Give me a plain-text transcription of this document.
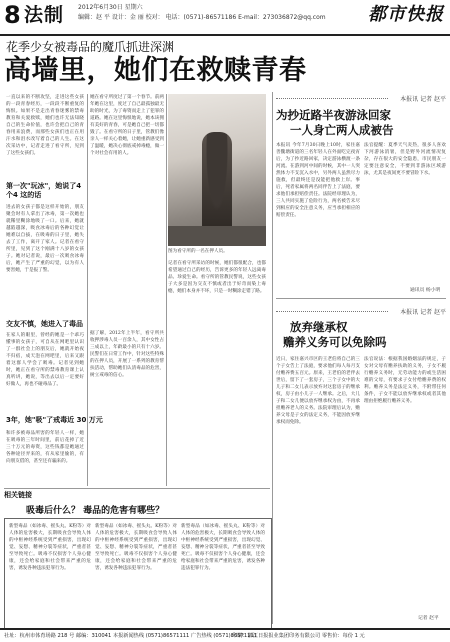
8 法制 2012年6月30日 星期六
编辑：赵 平 设计：金 丽 校对： 电话：(0571)-86571186 E-mail：273036872@qq.com 都市快报
花季少女被毒品的魔爪抓进深渊
高墙里，她们在救赎青春
一直以来的不断攻坚，走进这些女孩的一段青春经历，一段段不断重复的悔恨。如果不是走出青春迷雾的禁毒教育和关爱救赎，她们也许无法知晓自己的生命价值，也许会把自己的青春用来浪费，而那些女孩们也正在用汗水和泪水改写着自己的人生。在这次采访中，记者走进了看守所，见到了这些女孩们。
第一次"玩冰"，她说了4个4 这的话
进去的女孩子都是这样开始的，朋友聚会时有人拿出了冰毒，第一次她也就稀里糊涂地吸了一口。后来，她就越陷越深，吸食冰毒后的各种幻觉让她难以自拔，在吸毒的日子里，她失去了工作，离开了家人。记者在看守所里，见到了这个刚满十八岁的女孩子。她对记者说，最后一次吸食冰毒后，她产生了严重的幻觉，以为有人要害她，于是报了警。
交友不慎，她进入了毒品
在家人的眼里，曾经的她是一个乖巧懂事的女孩子，可自从在网吧里认识了一群社会上的朋友后，她就开始夜不归宿，成天泡在网吧里，后来又跟着这群人学会了吸毒。记者见到她时，她正在看守所的禁毒教育课上认真听讲，她说，等出去以后一定要好好做人，再也不碰毒品了。
3年，她"吸"了戒毒近 30 万元
和许多被毒品所害的年轻人一样，她在吸毒的三年时间里，前后花掉了近三十万元的毒资，这些钱都是她通过各种途径弄来的，有从家里偷的，有向朋友借的，甚至还有骗来的。
她在看守所度过了第一个春节。前两年她在这里，度过了自己最孤独最无助的时光，为了毒资而走上了犯罪的道路。她在这里悔恨地说，她本该拥有美好的青春，可是她自己把一切都毁了。在看守所的日子里，管教们像亲人一样关心着她，让她重新感受到了温暖，她决心彻底戒掉毒瘾，做一个对社会有用的人。
据了解，2012年上半年，看守所共收押涉毒人员一百余人，其中女性占三成以上，年龄最小的只有十六岁。民警们在日常工作中，针对这些特殊的在押人员，开展了一系列的教育帮扶活动，帮助她们认清毒品的危害，树立戒毒的信心。
图为看守所的一名在押人员。
记者在看守所采访的时候，她们都很配合，也都希望通过自己的经历，告诉更多的年轻人远离毒品、珍爱生命。看守所的管教民警说，这些女孩子大多是因为交友不慎或者出于好奇而染上毒瘾，她们本身并不坏，只是一时糊涂走错了路。
相关链接
吸毒后什么？ 毒品的危害有哪些？
新型毒品（如冰毒、摇头丸、K粉等）对人体的危害极大，长期吸食会导致人体的中枢神经系统受到严重损害，出现幻觉、妄想、精神分裂等症状，严重者甚至导致死亡。吸毒不仅损害个人身心健康，还会给家庭和社会带来严重的危害，诱发各种违法犯罪行为。
新型毒品（如冰毒、摇头丸、K粉等）对人体的危害极大，长期吸食会导致人体的中枢神经系统受到严重损害，出现幻觉、妄想、精神分裂等症状，严重者甚至导致死亡。吸毒不仅损害个人身心健康，还会给家庭和社会带来严重的危害，诱发各种违法犯罪行为。
新型毒品（如冰毒、摇头丸、K粉等）对人体的危害极大，长期吸食会导致人体的中枢神经系统受到严重损害，出现幻觉、妄想、精神分裂等症状，严重者甚至导致死亡。吸毒不仅损害个人身心健康，还会给家庭和社会带来严重的危害，诱发各种违法犯罪行为。
本报讯 记者 赵平
为抄近路半夜游泳回家
一人身亡两人成被告
本报讯 今年7月30日晚上10时，家住嘉善魏塘街道的三名年轻人在外面吃完夜宵后，为了抄近路回家，决定游泳横渡一条河流。在游到河中间的时候，其中一人突然体力不支沉入水中，另外两人虽然尽力施救，但最终还是没能把他救上岸。事后，死者家属将两名同伴告上了法庭，要求他们承担赔偿责任。法院经审理认为，三人共同实施了危险行为，两名被告未尽到相应的安全注意义务，应当承担相应的赔偿责任。
法官提醒：夏季天气炎热，很多人喜欢下河游泳消暑，但是野外河流情况复杂，存在很大的安全隐患，市民朋友一定要注意安全，不要到非游泳区域游泳，尤其是夜间更不要冒险下水。
通讯员 杨小明
本报讯 记者 赵平
放弃继承权
赡养义务可以免除吗
近日，家住嘉兴市区的王老伯将自己的三个子女告上了法庭，要求他们每人每月支付赡养费五百元。原来，王老伯的老伴去世后，留下了一套房子，三个子女中的大儿子和二女儿表示放弃对这套房子的继承权，房子由小儿子一人继承。之后，大儿子和二女儿便以放弃继承权为由，不再承担赡养老人的义务。法院审理后认为，赡养父母是子女的法定义务，不能因放弃继承权而免除。
法官说法：根据我国婚姻法的规定，子女对父母有赡养扶助的义务，子女不履行赡养义务时，无劳动能力的或生活困难的父母，有要求子女付给赡养费的权利。赡养义务是法定义务，不附带任何条件，子女不能以放弃继承权或者其他理由拒绝履行赡养义务。
记者 赵平
社址：杭州市体育场路 218 号 邮编：310041 本报新闻热线 (0571)86571111 广告热线 (0571)86571111
印刷：浙江日报报业集团印务有限公司 零售价：每份 1 元
